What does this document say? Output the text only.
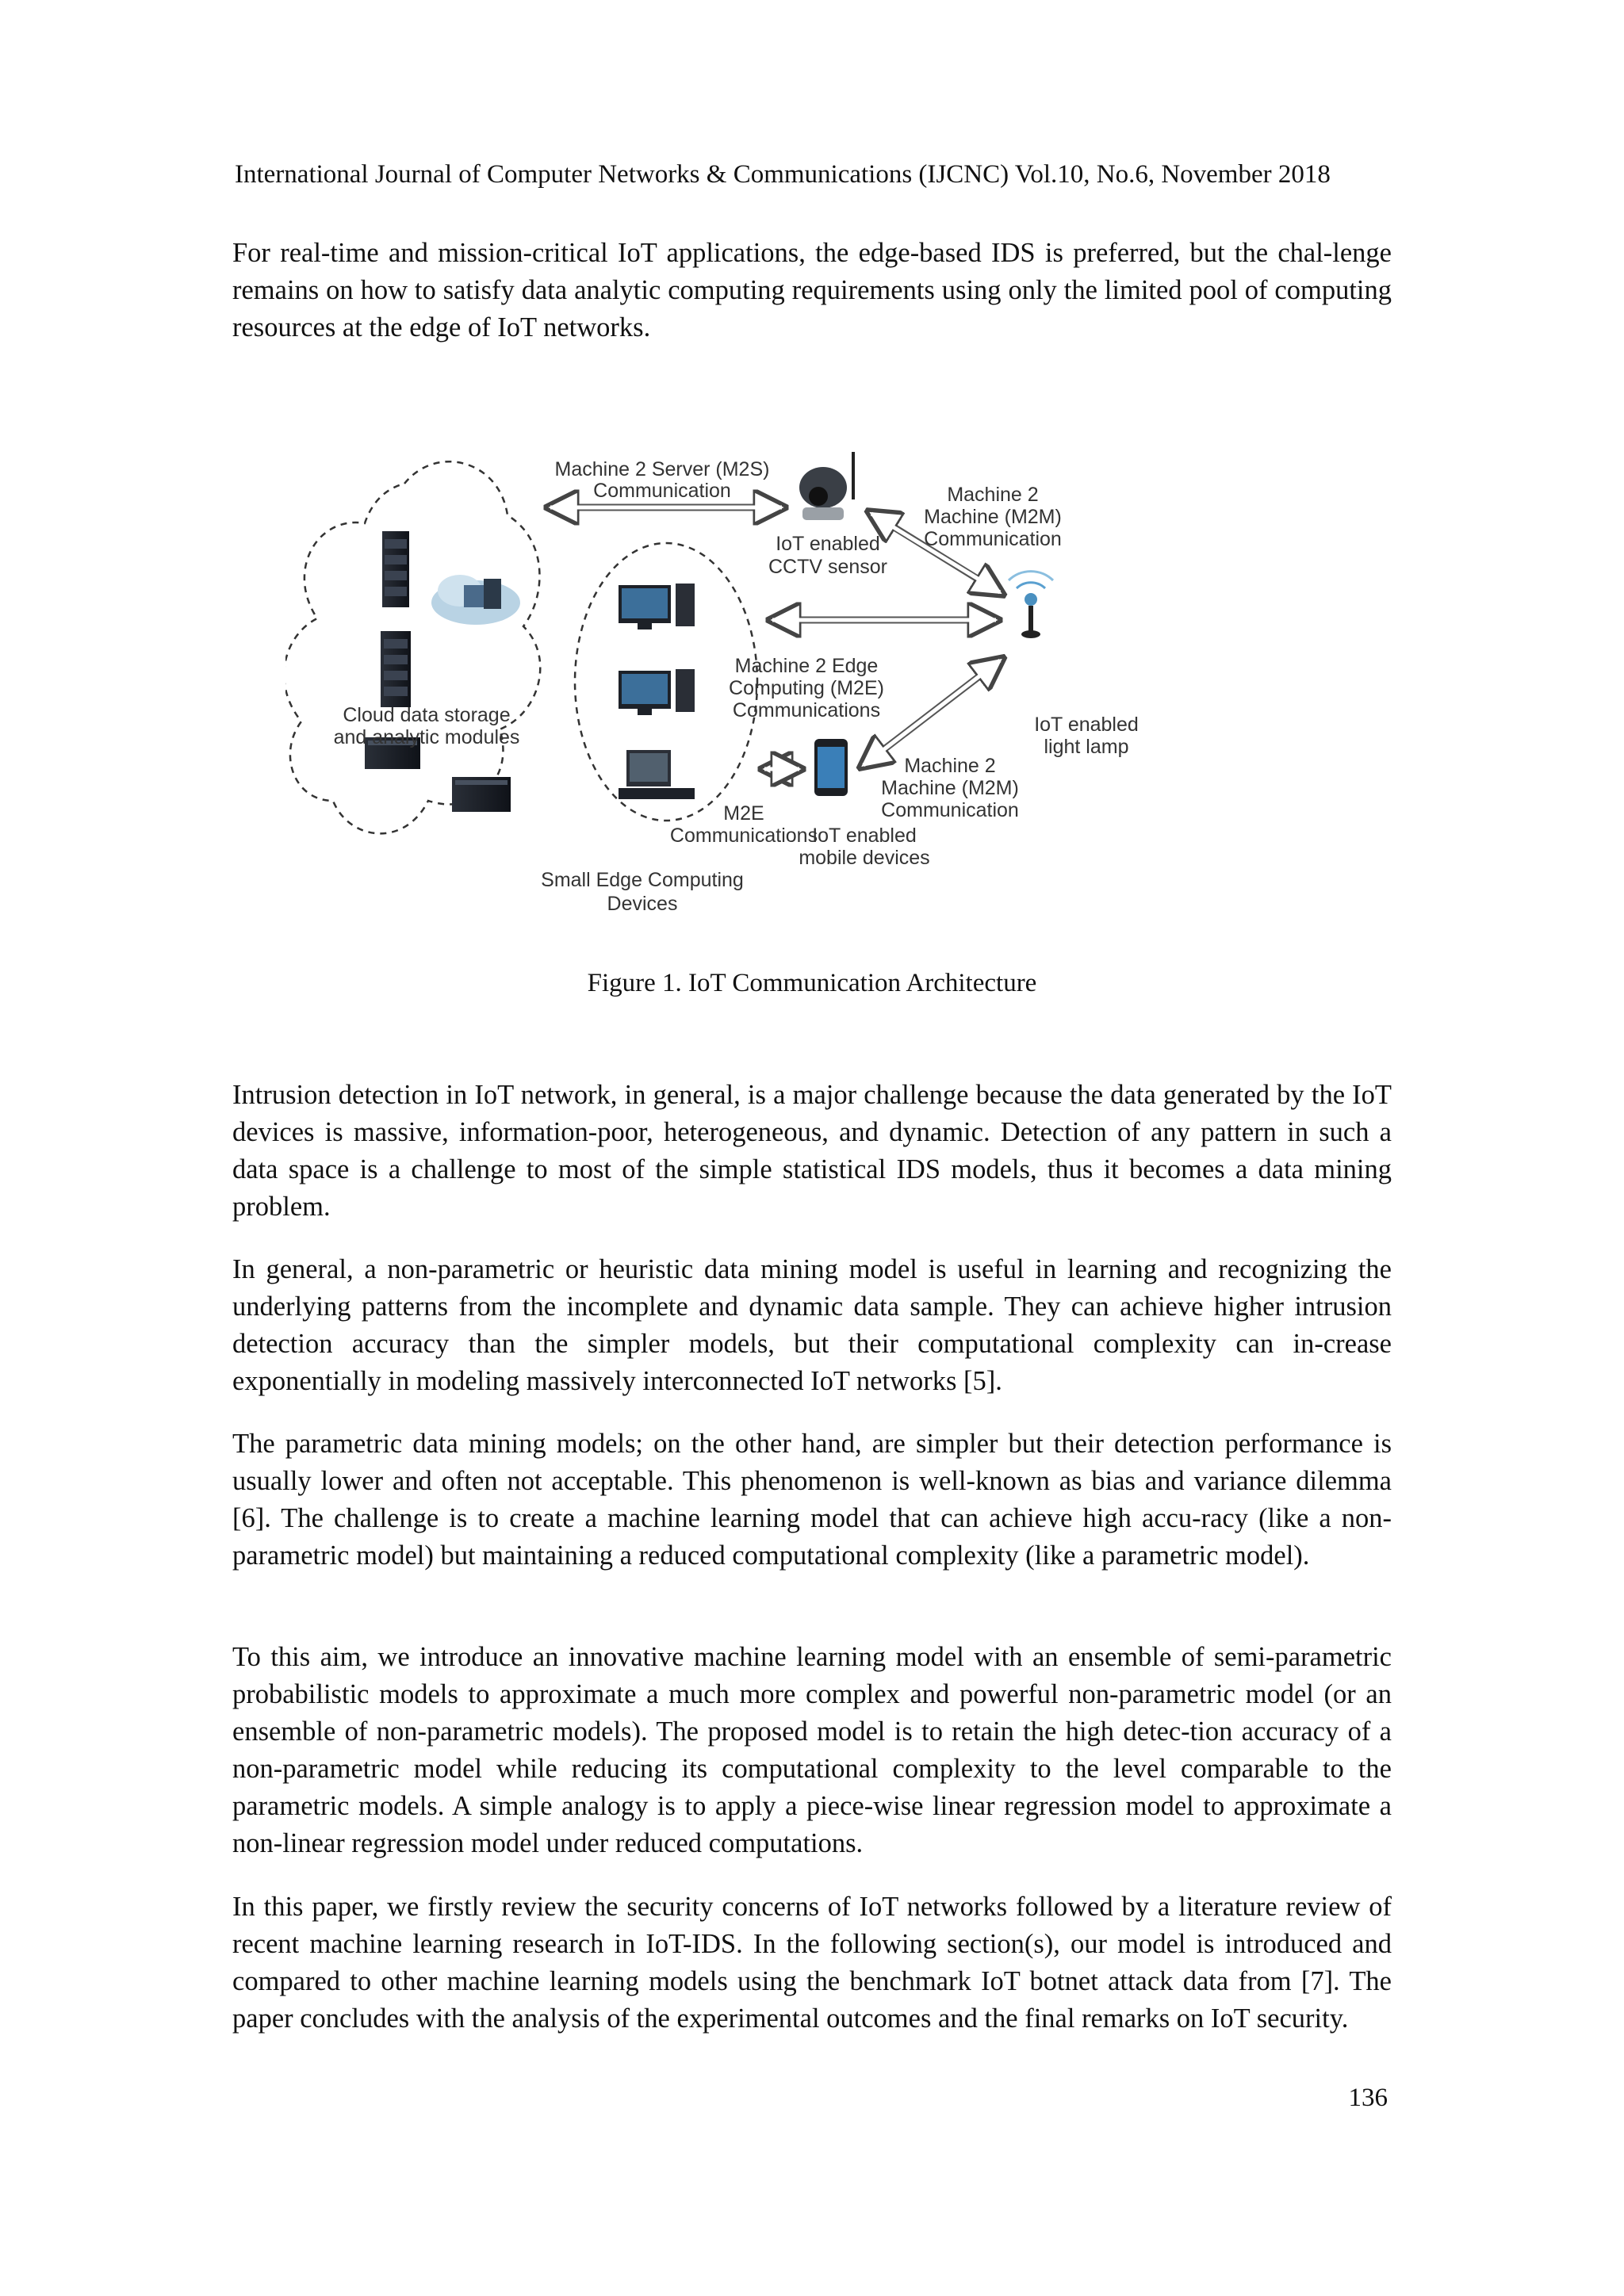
International Journal of Computer Networks & Communications (IJCNC) Vol.10, No.6, November 2018

For real-time and mission-critical IoT applications, the edge-based IDS is preferred, but the chal-lenge remains on how to satisfy data analytic computing requirements using only the limited pool of computing resources at the edge of IoT networks.

Machine 2 Server (M2S)
Communication
IoT enabled
CCTV sensor
Machine 2
Machine (M2M)
Communication
Machine 2 Edge
Computing (M2E)
Communications
Cloud data storage
and analytic modules
IoT enabled
light lamp
Machine 2
Machine (M2M)
Communication
M2E
Communications
IoT enabled
mobile devices
Small Edge Computing
Devices
Figure 1. IoT Communication Architecture

Intrusion detection in IoT network, in general, is a major challenge because the data generated by the IoT devices is massive, information-poor, heterogeneous, and dynamic. Detection of any pattern in such a data space is a challenge to most of the simple statistical IDS models, thus it becomes a data mining problem.

In general, a non-parametric or heuristic data mining model is useful in learning and recognizing the underlying patterns from the incomplete and dynamic data sample. They can achieve higher intrusion detection accuracy than the simpler models, but their computational complexity can in-crease exponentially in modeling massively interconnected IoT networks [5].

The parametric data mining models; on the other hand, are simpler but their detection performance is usually lower and often not acceptable. This phenomenon is well-known as bias and variance dilemma [6]. The challenge is to create a machine learning model that can achieve high accu-racy (like a non-parametric model) but maintaining a reduced computational complexity (like a parametric model).

To this aim, we introduce an innovative machine learning model with an ensemble of semi-parametric probabilistic models to approximate a much more complex and powerful non-parametric model (or an ensemble of non-parametric models). The proposed model is to retain the high detec-tion accuracy of a non-parametric model while reducing its computational complexity to the level comparable to the parametric models. A simple analogy is to apply a piece-wise linear regression model to approximate a non-linear regression model under reduced computations.

In this paper, we firstly review the security concerns of IoT networks followed by a literature review of recent machine learning research in IoT-IDS. In the following section(s), our model is introduced and compared to other machine learning models using the benchmark IoT botnet attack data from [7]. The paper concludes with the analysis of the experimental outcomes and the final remarks on IoT security.

136
